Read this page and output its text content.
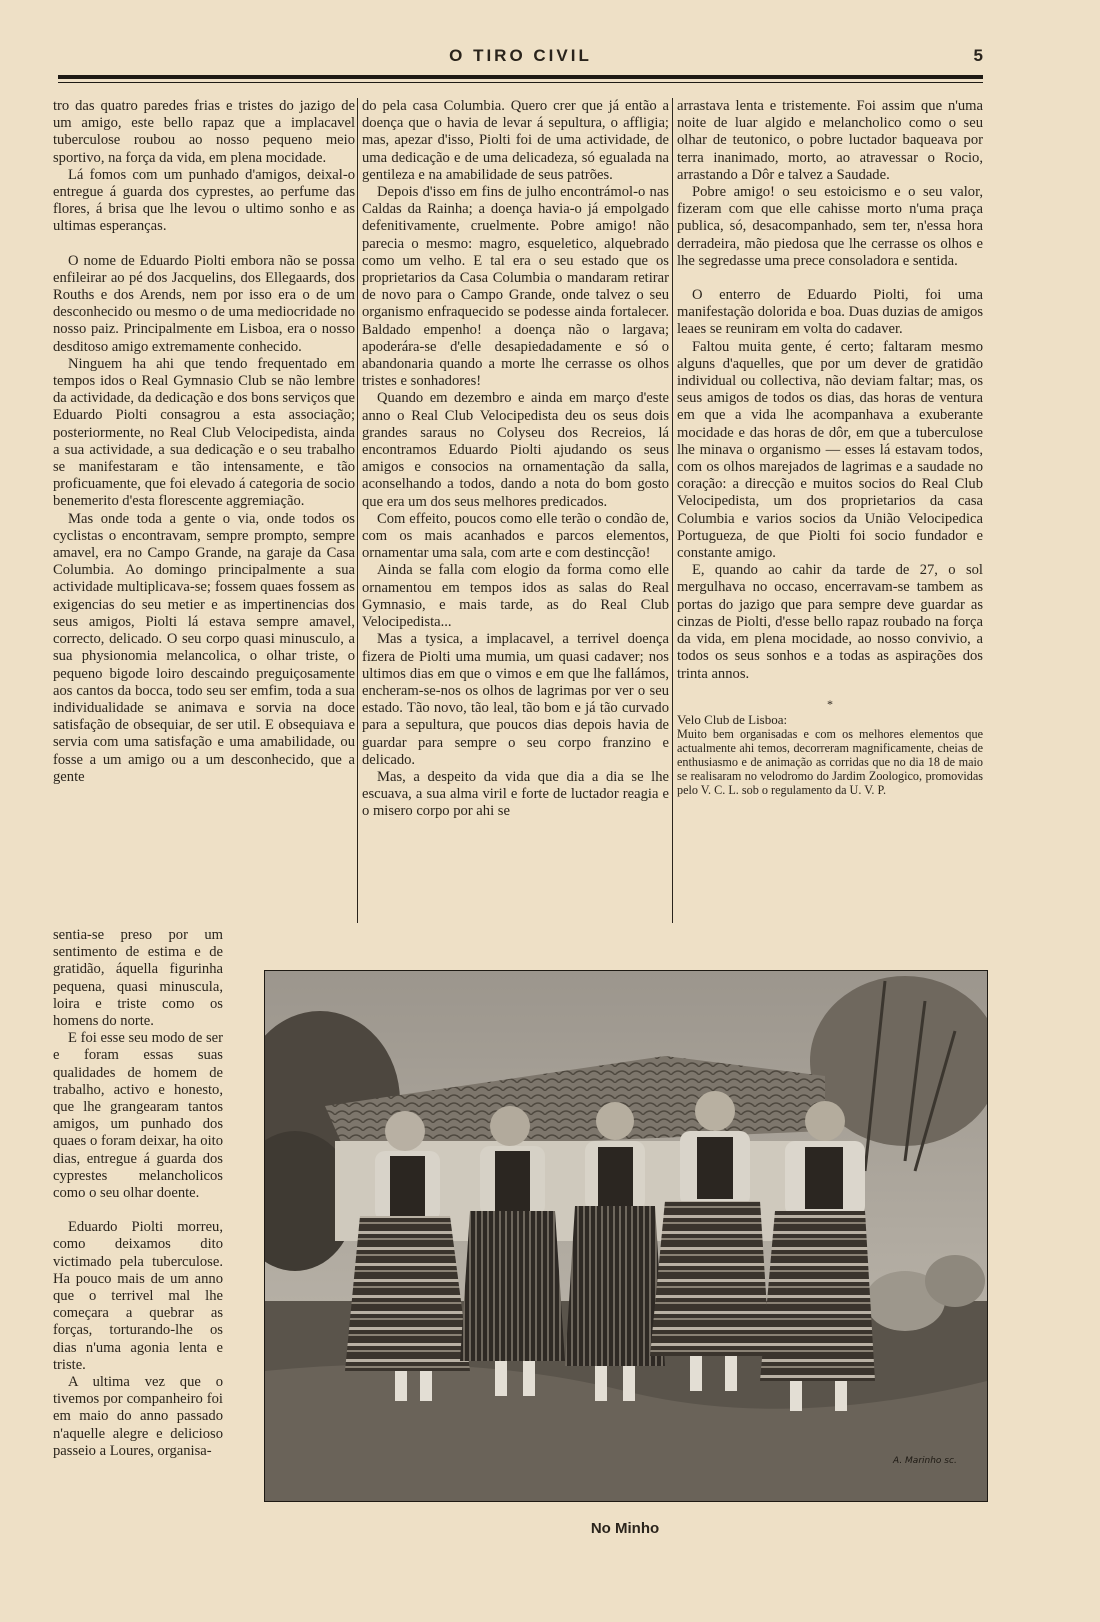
O TIRO CIVIL	5

tro das quatro paredes frias e tristes do jazigo de um amigo, este bello rapaz que a implacavel tuberculose roubou ao nosso pequeno meio sportivo, na força da vida, em plena mocidade.

Lá fomos com um punhado d'amigos, deixal-o entregue á guarda dos cyprestes, ao perfume das flores, á brisa que lhe levou o ultimo sonho e as ultimas esperanças.

O nome de Eduardo Piolti embora não se possa enfileirar ao pé dos Jacquelins, dos Ellegaards, dos Rouths e dos Arends, nem por isso era o de um desconhecido ou mesmo o de uma mediocridade no nosso paiz. Principalmente em Lisboa, era o nosso desditoso amigo extremamente conhecido.

Ninguem ha ahi que tendo frequentado em tempos idos o Real Gymnasio Club se não lembre da actividade, da dedicação e dos bons serviços que Eduardo Piolti consagrou a esta associação; posteriormente, no Real Club Velocipedista, ainda a sua actividade, a sua dedicação e o seu trabalho se manifestaram e tão intensamente, e tão proficuamente, que foi elevado á categoria de socio benemerito d'esta florescente aggremiação.

Mas onde toda a gente o via, onde todos os cyclistas o encontravam, sempre prompto, sempre amavel, era no Campo Grande, na garaje da Casa Columbia. Ao domingo principalmente a sua actividade multiplicava-se; fossem quaes fossem as exigencias do seu metier e as impertinencias dos seus amigos, Piolti lá estava sempre amavel, correcto, delicado. O seu corpo quasi minusculo, a sua physionomia melancolica, o olhar triste, o pequeno bigode loiro descaindo preguiçosamente aos cantos da bocca, todo seu ser emfim, toda a sua individualidade se animava e sorvia na doce satisfação de obsequiar, de ser util. E obsequiava e servia com uma satisfação e uma amabilidade, ou fosse a um amigo ou a um desconhecido, que a gente

sentia-se preso por um sentimento de estima e de gratidão, áquella figurinha pequena, quasi minuscula, loira e triste como os homens do norte.

E foi esse seu modo de ser e foram essas suas qualidades de homem de trabalho, activo e honesto, que lhe grangearam tantos amigos, um punhado dos quaes o foram deixar, ha oito dias, entregue á guarda dos cyprestes melancholicos como o seu olhar doente.

Eduardo Piolti morreu, como deixamos dito victimado pela tuberculose. Ha pouco mais de um anno que o terrivel mal lhe começara a quebrar as forças, torturando-lhe os dias n'uma agonia lenta e triste.

A ultima vez que o tivemos por companheiro foi em maio do anno passado n'aquelle alegre e delicioso passeio a Loures, organisa-

do pela casa Columbia. Quero crer que já então a doença que o havia de levar á sepultura, o affligia; mas, apezar d'isso, Piolti foi de uma actividade, de uma dedicação e de uma delicadeza, só egualada na gentileza e na amabilidade de seus patrões.

Depois d'isso em fins de julho encontrámol-o nas Caldas da Rainha; a doença havia-o já empolgado defenitivamente, cruelmente. Pobre amigo! não parecia o mesmo: magro, esqueletico, alquebrado como um velho. E tal era o seu estado que os proprietarios da Casa Columbia o mandaram retirar de novo para o Campo Grande, onde talvez o seu organismo enfraquecido se podesse ainda fortalecer. Baldado empenho! a doença não o largava; apoderára-se d'elle desapiedadamente e só o abandonaria quando a morte lhe cerrasse os olhos tristes e sonhadores!

Quando em dezembro e ainda em março d'este anno o Real Club Velocipedista deu os seus dois grandes saraus no Colyseu dos Recreios, lá encontramos Eduardo Piolti ajudando os seus amigos e consocios na ornamentação da salla, aconselhando a todos, dando a nota do bom gosto que era um dos seus melhores predicados.

Com effeito, poucos como elle terão o condão de, com os mais acanhados e parcos elementos, ornamentar uma sala, com arte e com destincção!

Ainda se falla com elogio da forma como elle ornamentou em tempos idos as salas do Real Gymnasio, e mais tarde, as do Real Club Velocipedista...

Mas a tysica, a implacavel, a terrivel doença fizera de Piolti uma mumia, um quasi cadaver; nos ultimos dias em que o vimos e em que lhe fallámos, encheram-se-nos os olhos de lagrimas por ver o seu estado. Tão novo, tão leal, tão bom e já tão curvado para a sepultura, que poucos dias depois havia de guardar para sempre o seu corpo franzino e delicado.

Mas, a despeito da vida que dia a dia se lhe escuava, a sua alma viril e forte de luctador reagia e o misero corpo por ahi se

arrastava lenta e tristemente. Foi assim que n'uma noite de luar algido e melancholico como o seu olhar de teutonico, o pobre luctador baqueava por terra inanimado, morto, ao atravessar o Rocio, arrastando a Dôr e talvez a Saudade.

Pobre amigo! o seu estoicismo e o seu valor, fizeram com que elle cahisse morto n'uma praça publica, só, desacompanhado, sem ter, n'essa hora derradeira, mão piedosa que lhe cerrasse os olhos e lhe segredasse uma prece consoladora e sentida.

O enterro de Eduardo Piolti, foi uma manifestação dolorida e boa. Duas duzias de amigos leaes se reuniram em volta do cadaver.

Faltou muita gente, é certo; faltaram mesmo alguns d'aquelles, que por um dever de gratidão individual ou collectiva, não deviam faltar; mas, os seus amigos de todos os dias, das horas de ventura em que a vida lhe acompanhava a exuberante mocidade e das horas de dôr, em que a tuberculose lhe minava o organismo — esses lá estavam todos, com os olhos marejados de lagrimas e a saudade no coração: a direcção e muitos socios do Real Club Velocipedista, um dos proprietarios da casa Columbia e varios socios da União Velocipedica Portugueza, de que Piolti foi socio fundador e constante amigo.

E, quando ao cahir da tarde de 27, o sol mergulhava no occaso, encerravam-se tambem as portas do jazigo que para sempre deve guardar as cinzas de Piolti, d'esse bello rapaz roubado na força da vida, em plena mocidade, ao nosso convivio, a todos os seus sonhos e a todas as aspirações dos trinta annos.

*

Velo Club de Lisboa:

Muito bem organisadas e com os melhores elementos que actualmente ahi temos, decorreram magnificamente, cheias de enthusiasmo e de animação as corridas que no dia 18 de maio se realisaram no velodromo do Jardim Zoologico, promovidas pelo V. C. L. sob o regulamento da U. V. P.

A. Marinho sc.
No Minho
